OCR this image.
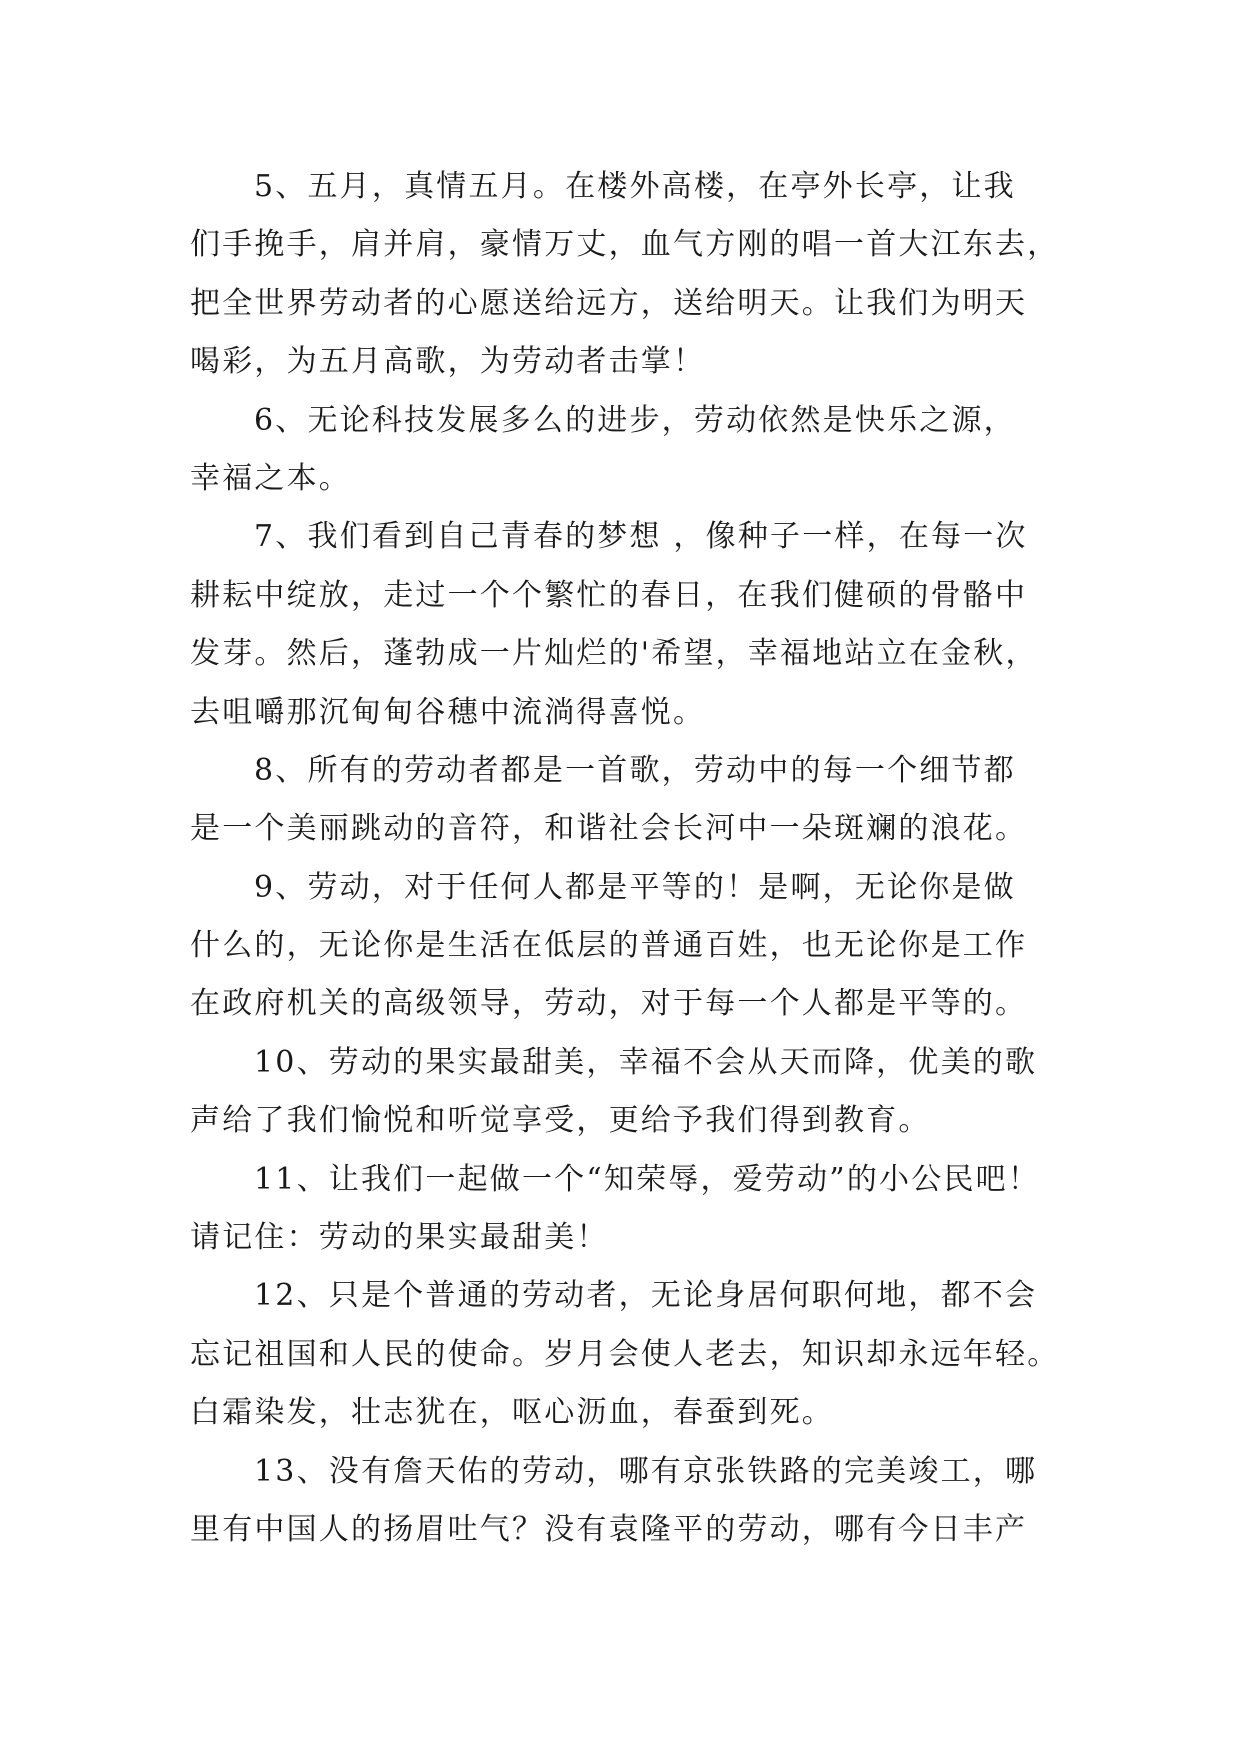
5、五月，真情五月。在楼外高楼，在亭外长亭，让我
们手挽手，肩并肩，豪情万丈，血气方刚的唱一首大江东去，
把全世界劳动者的心愿送给远方，送给明天。让我们为明天
喝彩，为五月高歌，为劳动者击掌！
6、无论科技发展多么的进步，劳动依然是快乐之源，
幸福之本。
7、我们看到自己青春的梦想 ，像种子一样，在每一次
耕耘中绽放，走过一个个繁忙的春日，在我们健硕的骨骼中
发芽。然后，蓬勃成一片灿烂的'希望，幸福地站立在金秋，
去咀嚼那沉甸甸谷穗中流淌得喜悦。
8、所有的劳动者都是一首歌，劳动中的每一个细节都
是一个美丽跳动的音符，和谐社会长河中一朵斑斓的浪花。
9、劳动，对于任何人都是平等的！是啊，无论你是做
什么的，无论你是生活在低层的普通百姓，也无论你是工作
在政府机关的高级领导，劳动，对于每一个人都是平等的。
10、劳动的果实最甜美，幸福不会从天而降，优美的歌
声给了我们愉悦和听觉享受，更给予我们得到教育。
11、让我们一起做一个“知荣辱，爱劳动”的小公民吧！
请记住：劳动的果实最甜美！
12、只是个普通的劳动者，无论身居何职何地，都不会
忘记祖国和人民的使命。岁月会使人老去，知识却永远年轻。
白霜染发，壮志犹在，呕心沥血，春蚕到死。
13、没有詹天佑的劳动，哪有京张铁路的完美竣工，哪
里有中国人的扬眉吐气？没有袁隆平的劳动，哪有今日丰产
